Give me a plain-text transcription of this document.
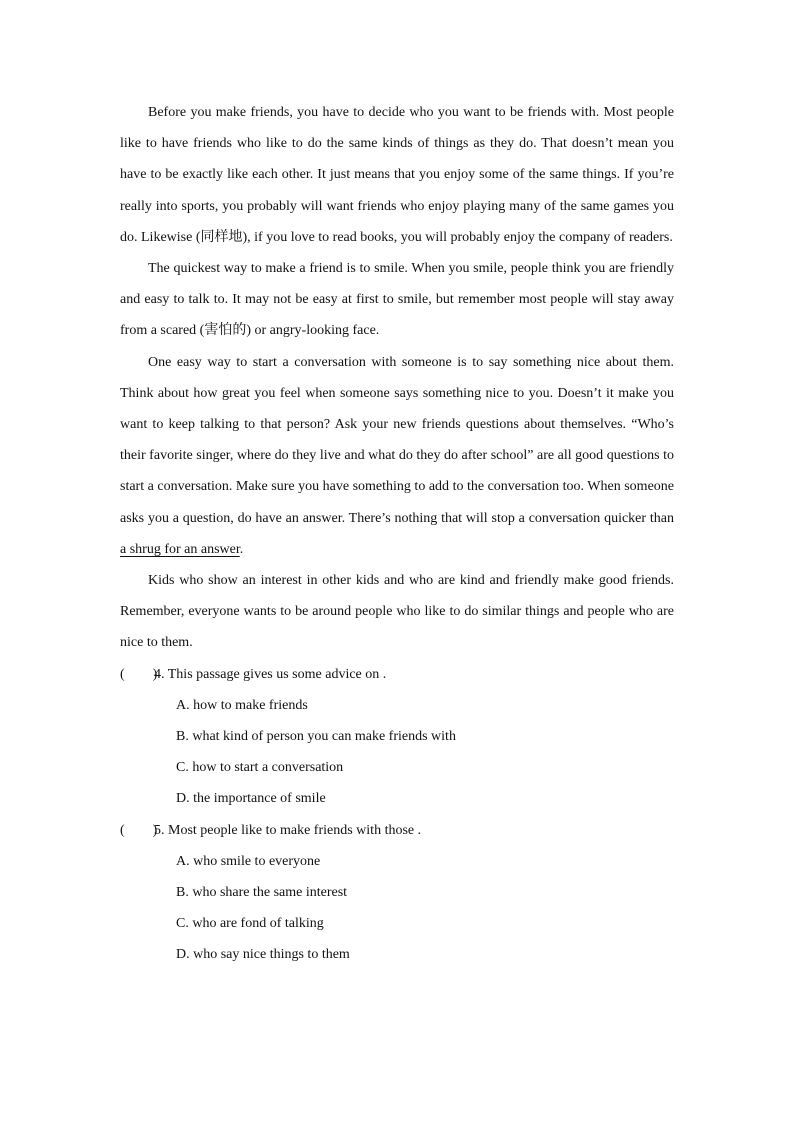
Before you make friends, you have to decide who you want to be friends with. Most people like to have friends who like to do the same kinds of things as they do. That doesn’t mean you have to be exactly like each other. It just means that you enjoy some of the same things. If you’re really into sports, you probably will want friends who enjoy playing many of the same games you do. Likewise (同样地), if you love to read books, you will probably enjoy the company of readers.

The quickest way to make a friend is to smile. When you smile, people think you are friendly and easy to talk to. It may not be easy at first to smile, but remember most people will stay away from a scared (害怕的) or angry-looking face.

One easy way to start a conversation with someone is to say something nice about them. Think about how great you feel when someone says something nice to you. Doesn’t it make you want to keep talking to that person? Ask your new friends questions about themselves. “Who’s their favorite singer, where do they live and what do they do after school” are all good questions to start a conversation. Make sure you have something to add to the conversation too. When someone asks you a question, do have an answer. There’s nothing that will stop a conversation quicker than a shrug for an answer.

Kids who show an interest in other kids and who are kind and friendly make good friends. Remember, everyone wants to be around people who like to do similar things and people who are nice to them.

(        )4. This passage gives us some advice on .

A. how to make friends
B. what kind of person you can make friends with
C. how to start a conversation
D. the importance of smile

(        )5. Most people like to make friends with those .

A. who smile to everyone
B. who share the same interest
C. who are fond of talking
D. who say nice things to them
